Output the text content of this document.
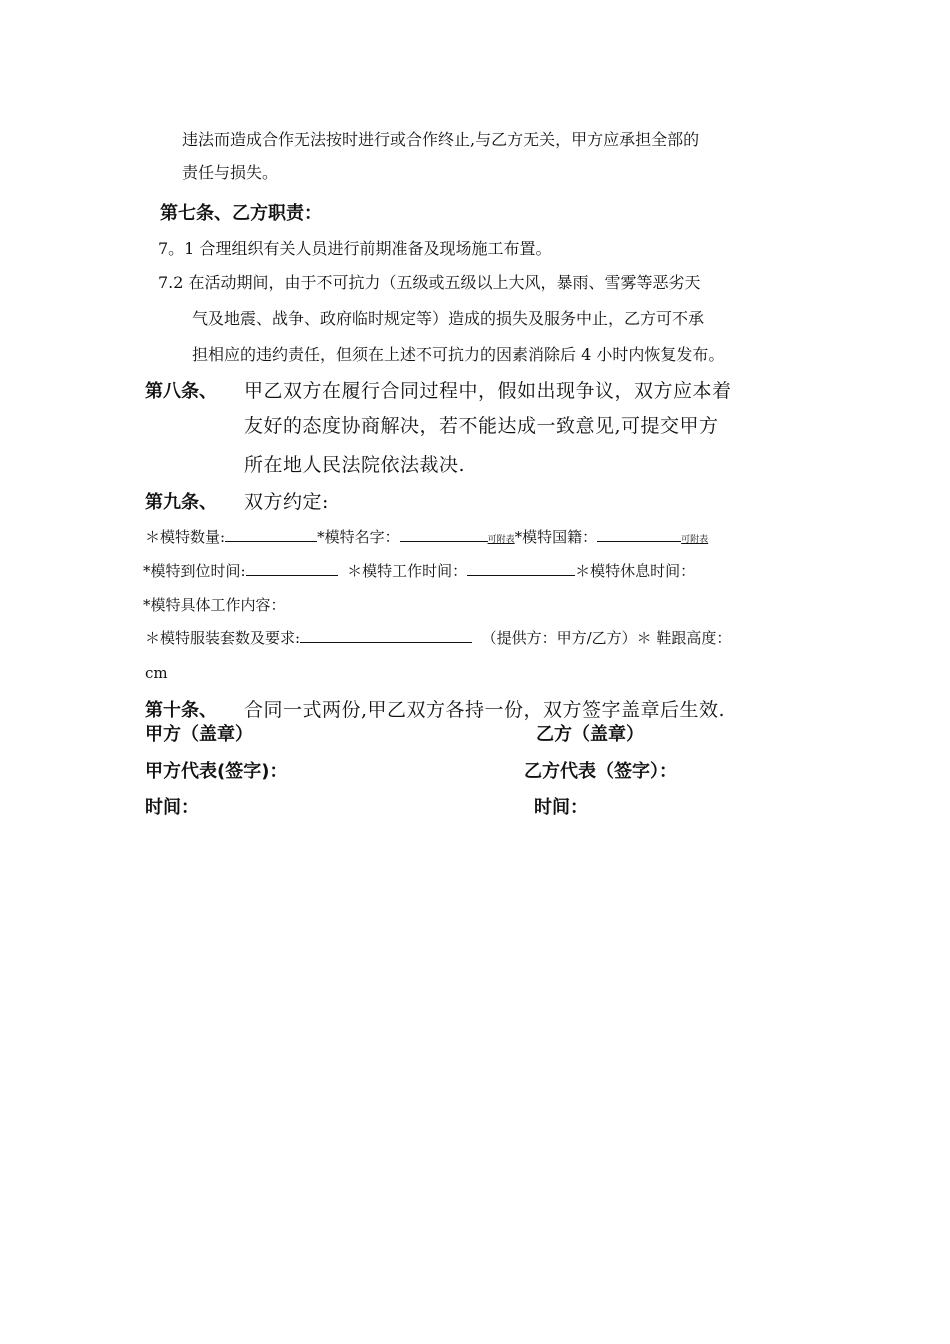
违法而造成合作无法按时进行或合作终止,与乙方无关，甲方应承担全部的
责任与损失。
第七条、乙方职责：
7。1 合理组织有关人员进行前期准备及现场施工布置。
7.2 在活动期间，由于不可抗力（五级或五级以上大风，暴雨、雪雾等恶劣天
气及地震、战争、政府临时规定等）造成的损失及服务中止，乙方可不承
担相应的违约责任，但须在上述不可抗力的因素消除后 4 小时内恢复发布。
第八条、 甲乙双方在履行合同过程中，假如出现争议，双方应本着
友好的态度协商解决，若不能达成一致意见,可提交甲方
所在地人民法院依法裁决.
第九条、 双方约定:
＊模特数量:	*模特名字：	可附表*模特国籍：	可附表
*模特到位时间:	＊模特工作时间：	＊模特休息时间：
*模特具体工作内容：
＊模特服装套数及要求:	（提供方：甲方/乙方）＊ 鞋跟高度：
cm
第十条、 合同一式两份,甲乙双方各持一份，双方签字盖章后生效.
甲方（盖章）	乙方（盖章）
甲方代表(签字)：	乙方代表（签字）：
时间：	时间：
